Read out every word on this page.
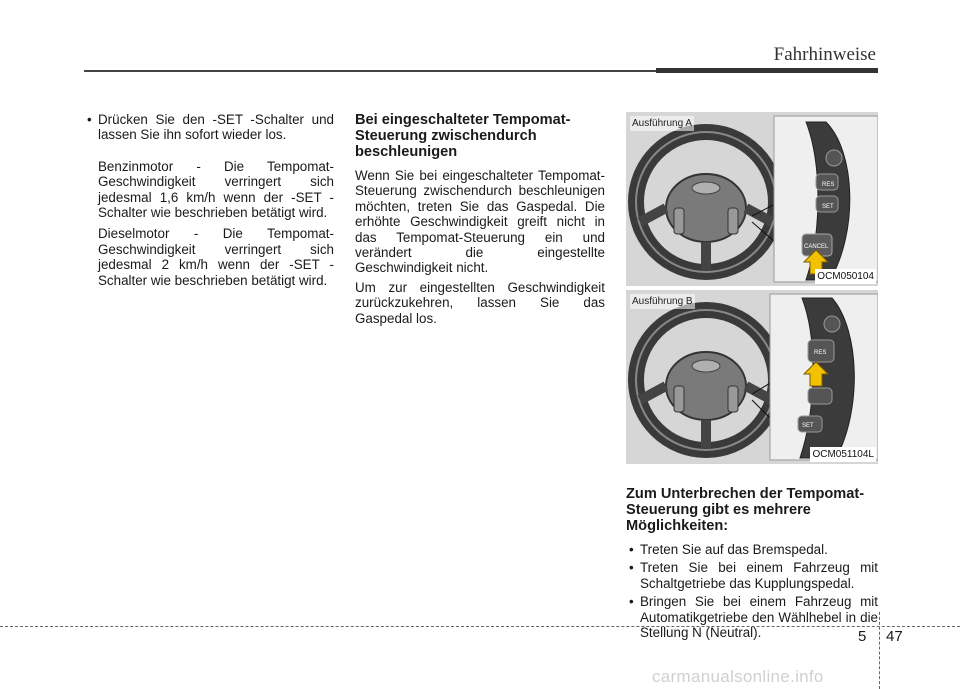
Fahrhinweise

• Drücken Sie den -SET -Schalter und lassen Sie ihn sofort wieder los.

Benzinmotor - Die Tempomat-Geschwindigkeit verringert sich jedesmal 1,6 km/h wenn der -SET -Schalter wie beschrieben betätigt wird.

Dieselmotor - Die Tempomat-Geschwindigkeit verringert sich jedesmal 2 km/h wenn der -SET -Schalter wie beschrieben betätigt wird.

Bei eingeschalteter Tempomat-Steuerung zwischendurch beschleunigen

Wenn Sie bei eingeschalteter Tempomat-Steuerung zwischendurch beschleunigen möchten, treten Sie das Gaspedal. Die erhöhte Geschwindigkeit greift nicht in das Tempomat-Steuerung ein und verändert die eingestellte Geschwindigkeit nicht.

Um zur eingestellten Geschwindigkeit zurückzukehren, lassen Sie das Gaspedal los.

RES
SET
CANCEL
Ausführung A
OCM050104
RES
SET
Ausführung B
OCM051104L
Zum Unterbrechen der Tempomat-Steuerung gibt es mehrere Möglichkeiten:

• Treten Sie auf das Bremspedal.

• Treten Sie bei einem Fahrzeug mit Schaltgetriebe das Kupplungspedal.

• Bringen Sie bei einem Fahrzeug mit Automatikgetriebe den Wählhebel in die Stellung N (Neutral).	5 47
carmanualsonline.info
